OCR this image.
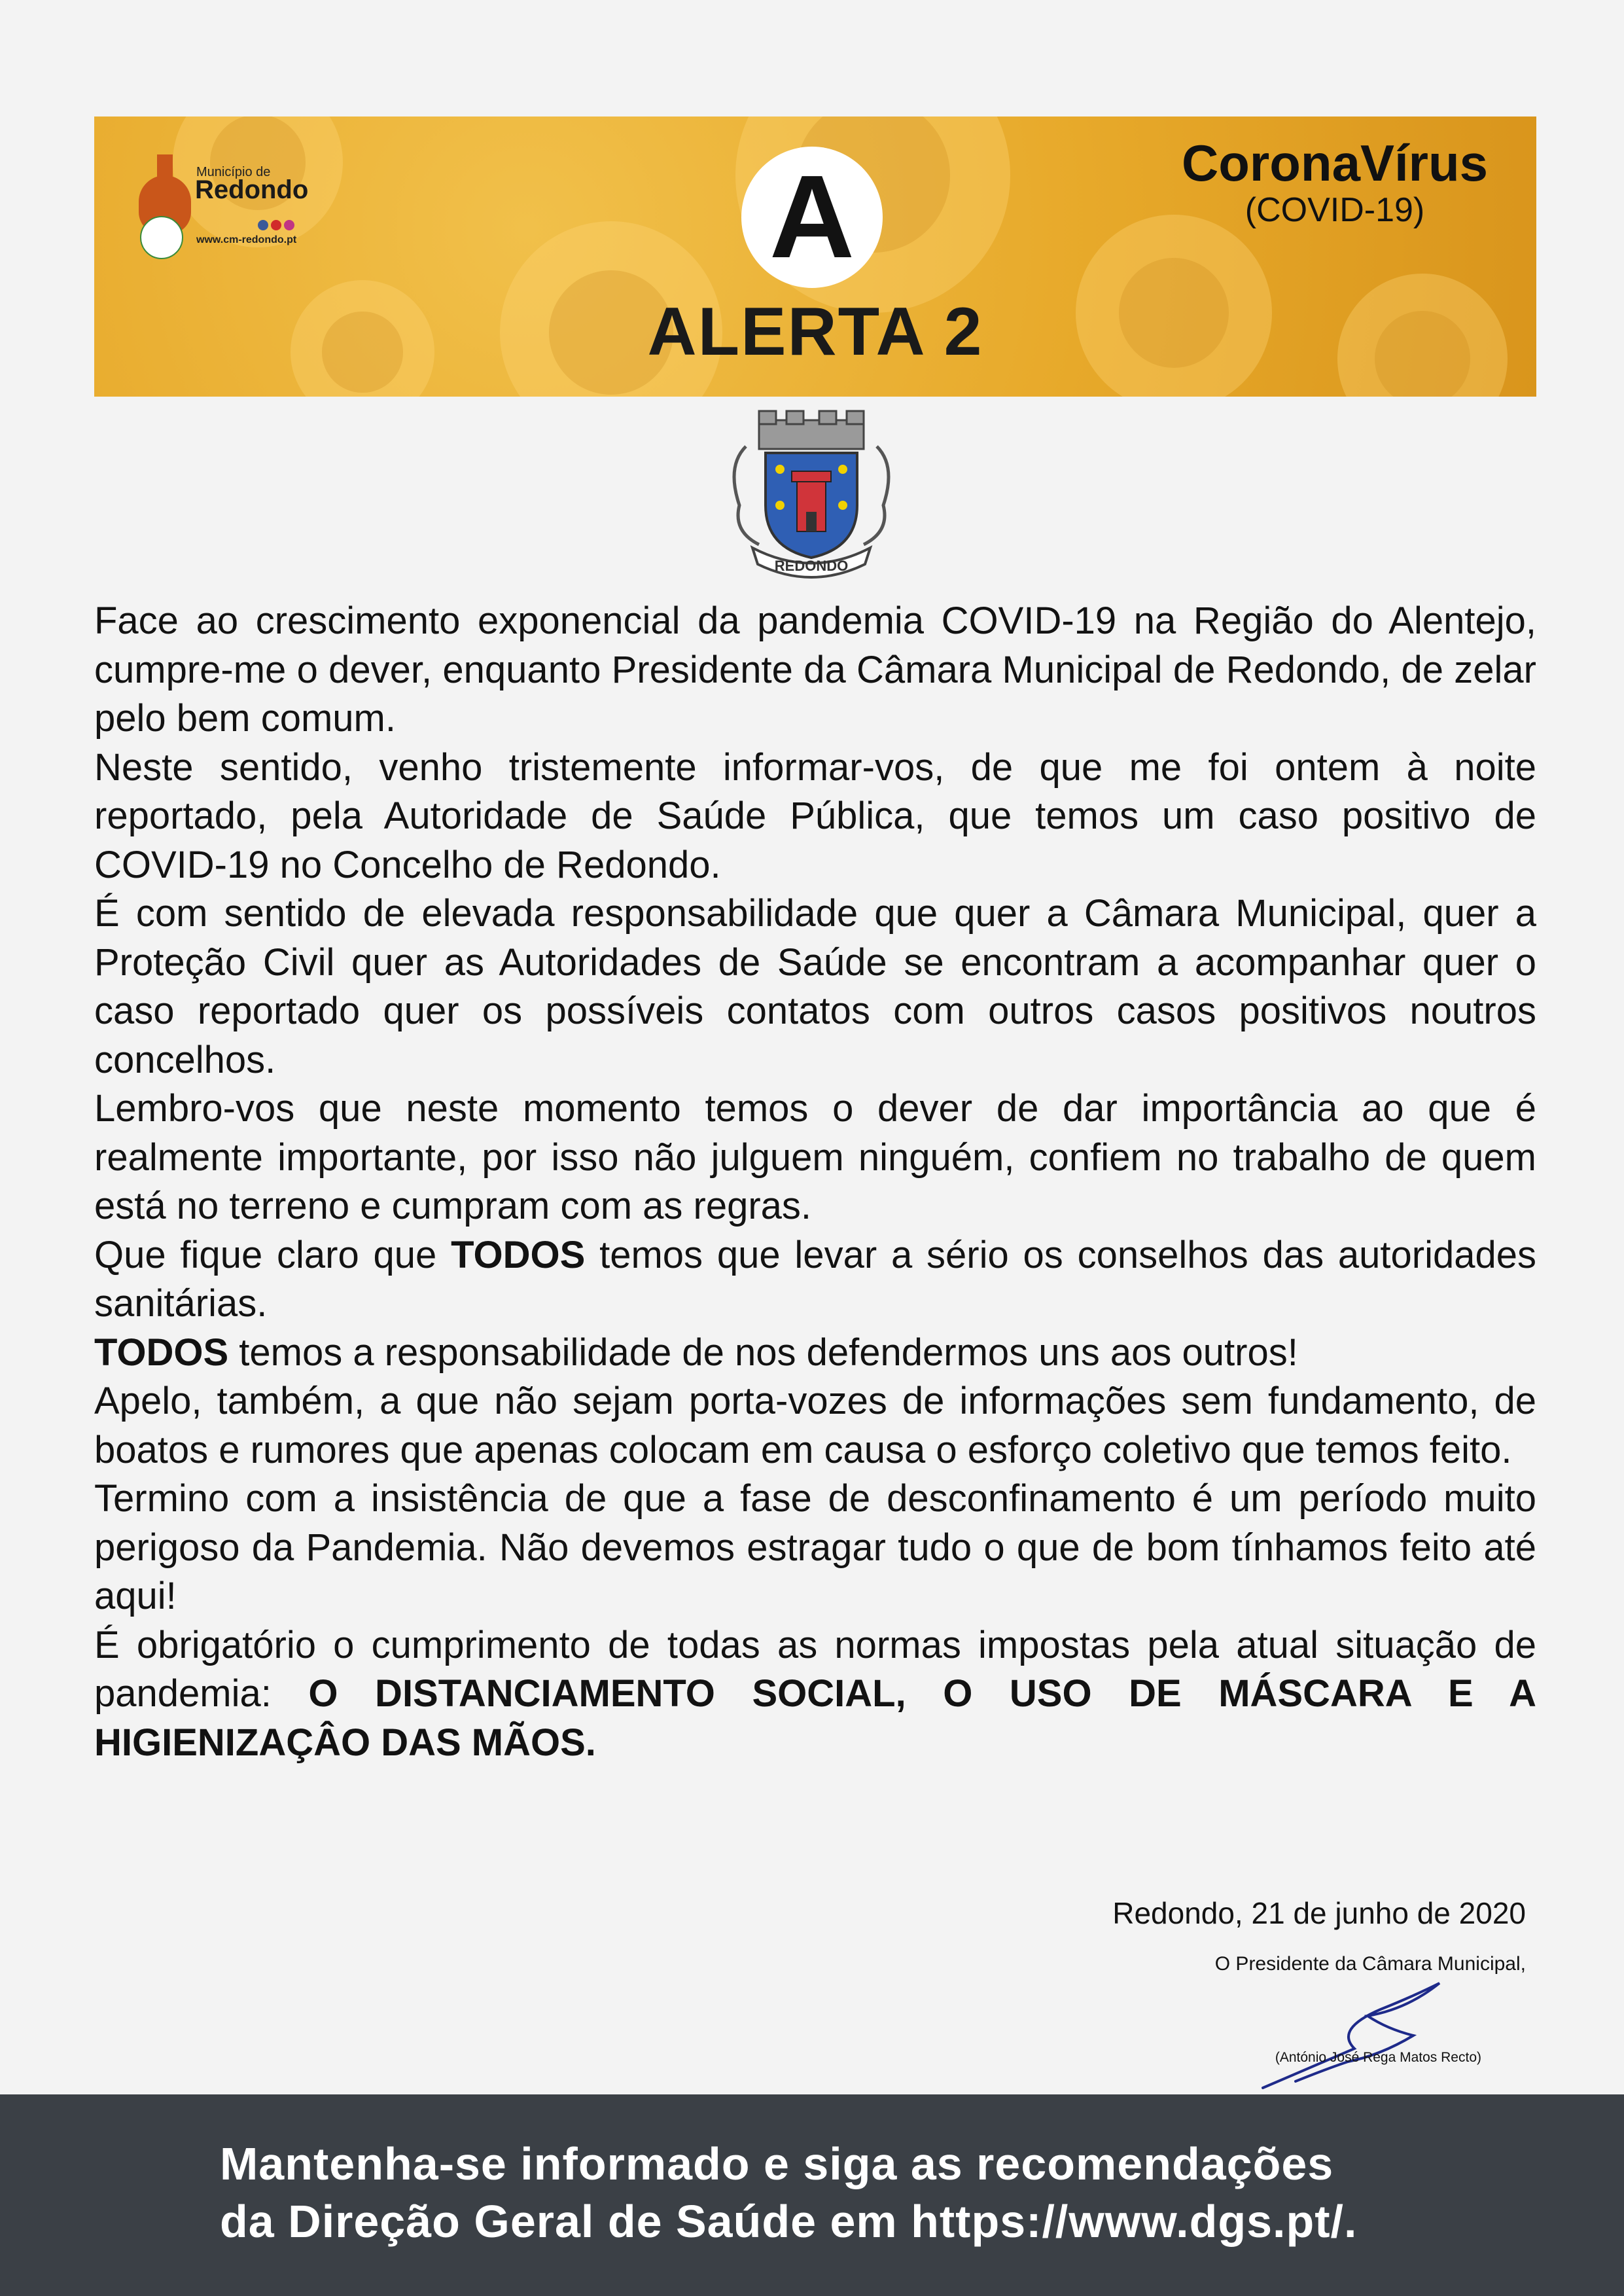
Município de
Redondo
www.cm-redondo.pt	A
ALERTA 2
CoronaVírus
(COVID-19)
REDONDO

Face ao crescimento exponencial da pandemia COVID-19 na Região do Alentejo, cumpre-me o dever, enquanto Presidente da Câmara Municipal de Redondo, de zelar pelo bem comum.

Neste sentido, venho tristemente informar-vos, de que me foi ontem à noite reportado, pela Autoridade de Saúde Pública, que temos um caso positivo de COVID-19 no Concelho de Redondo.

É com sentido de elevada responsabilidade que quer a Câmara Municipal, quer a Proteção Civil quer as Autoridades de Saúde se encontram a acompanhar quer o caso reportado quer os possíveis contatos com outros casos positivos noutros concelhos.

Lembro-vos que neste momento temos o dever de dar importância ao que é realmente importante, por isso não julguem ninguém, confiem no trabalho de quem está no terreno e cumpram com as regras.

Que fique claro que TODOS temos que levar a sério os conselhos das autoridades sanitárias.

TODOS temos a responsabilidade de nos defendermos uns aos outros!

Apelo, também, a que não sejam porta-vozes de informações sem fundamento, de boatos e rumores que apenas colocam em causa o esforço coletivo que temos feito.

Termino com a insistência de que a fase de desconfinamento é um período muito perigoso da Pandemia. Não devemos estragar tudo o que de bom tínhamos feito até aqui!

É obrigatório o cumprimento de todas as normas impostas pela atual situação de pandemia: O DISTANCIAMENTO SOCIAL, O USO DE MÁSCARA E A HIGIENIZAÇÂO DAS MÃOS.

Redondo, 21 de junho de 2020
O Presidente da Câmara Municipal,
(António José Rega Matos Recto)
Mantenha-se informado e siga as recomendações
da Direção Geral de Saúde em https://www.dgs.pt/.
